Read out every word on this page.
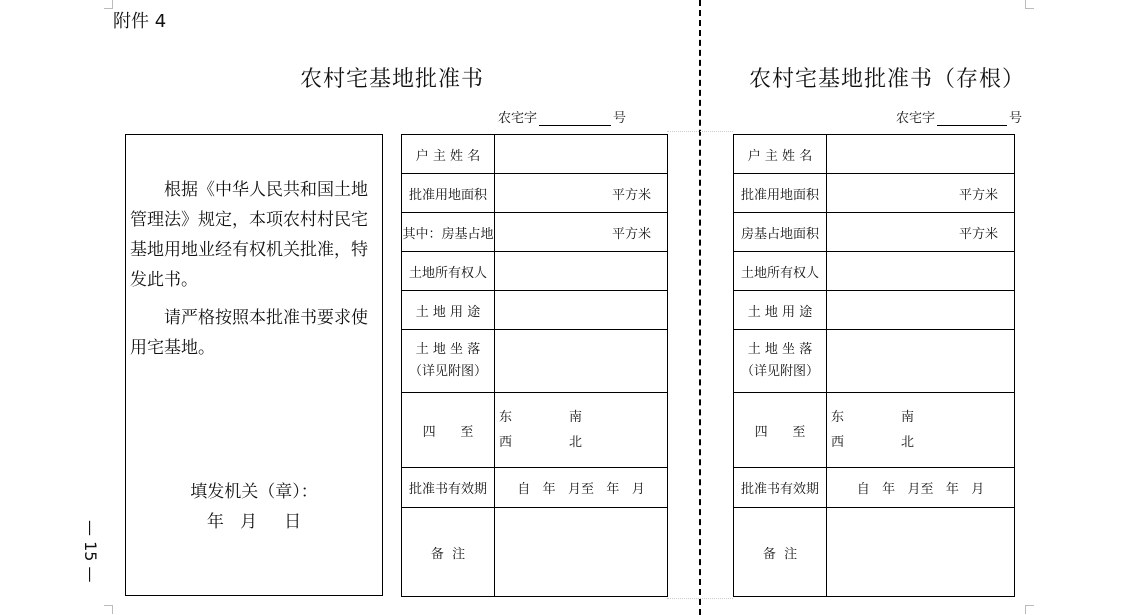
附件 4
农村宅基地批准书
农宅字	号
农村宅基地批准书（存根）
农宅字	号

根据《中华人民共和国土地管理法》规定，本项农村村民宅基地用地业经有权机关批准，特发此书。

请严格按照本批准书要求使用宅基地。

填发机关（章）：
年   月     日
户 主 姓 名	
批准用地面积	平方米
其中：房基占地	平方米
土地所有权人	
土 地 用 途	

土 地 坐 落
（详见附图）	

四      至	东 南
西 北

批准书有效期	自   年   月至   年   月
备  注	
户 主 姓 名	
批准用地面积	平方米
房基占地面积	平方米
土地所有权人	
土 地 用 途	

土 地 坐 落
（详见附图）	

四      至	东 南
西 北

批准书有效期	自   年   月至   年   月
备  注	
— 15 —
